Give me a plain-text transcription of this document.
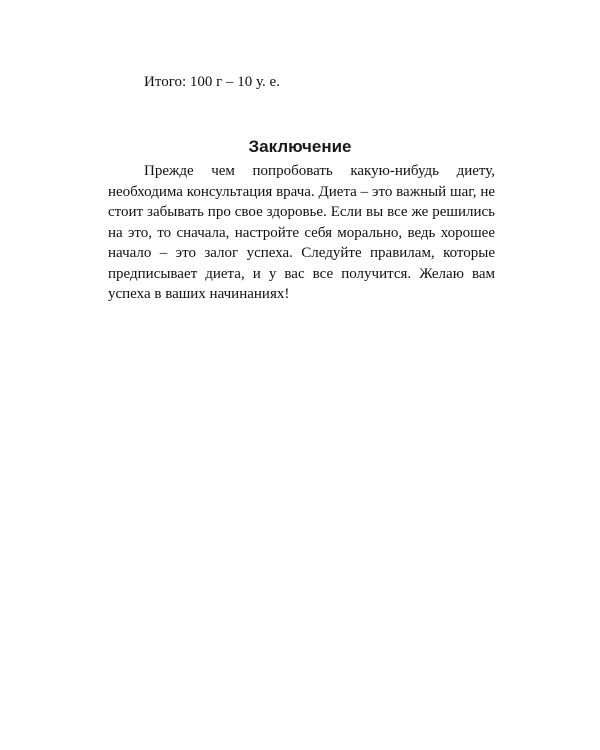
Итого: 100 г – 10 у. е.
Заключение

Прежде чем попробовать какую-нибудь диету, необходима консультация врача. Диета – это важный шаг, не стоит забывать про свое здоровье. Если вы все же решились на это, то сначала, настройте себя морально, ведь хорошее начало – это залог успеха. Следуйте правилам, которые предписывает диета, и у вас все получится. Желаю вам успеха в ваших начинаниях!
